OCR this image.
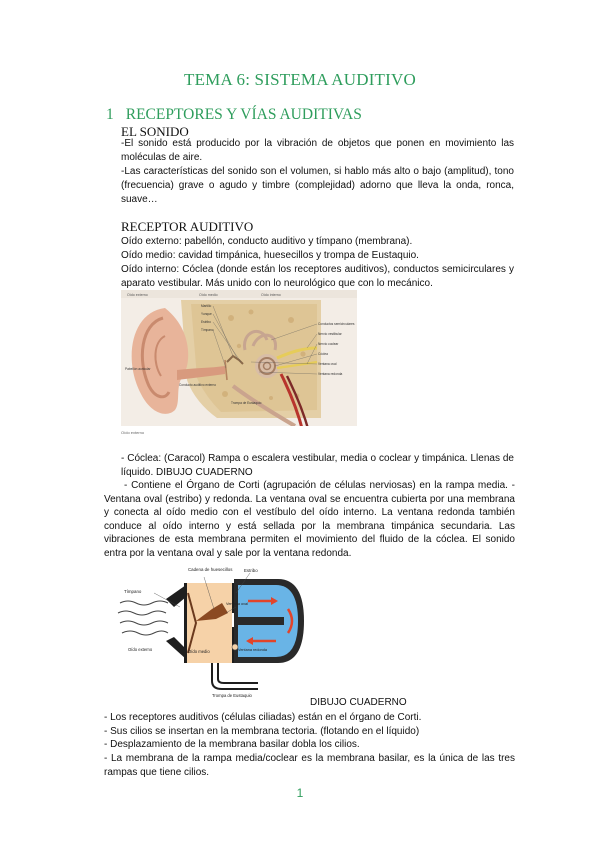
TEMA 6: SISTEMA AUDITIVO
1 RECEPTORES Y VÍAS AUDITIVAS
EL SONIDO
-El sonido está producido por la vibración de objetos que ponen en movimiento las moléculas de aire.
-Las características del sonido son el volumen, si hablo más alto o bajo (amplitud), tono (frecuencia) grave o agudo y timbre (complejidad) adorno que lleva la onda, ronca, suave…
RECEPTOR AUDITIVO
Oído externo: pabellón, conducto auditivo y tímpano (membrana).
Oído medio: cavidad timpánica, huesecillos y trompa de Eustaquio.
Oído interno: Cóclea (donde están los receptores auditivos), conductos semicirculares y aparato vestibular. Más unido con lo neurológico que con lo mecánico.
Oído externo	Oído medio	Oído interno
Martillo
Yunque
Estribo
Tímpano
Trompa de Eustaquio
Conductos semicirculares
Nervio vestibular
Nervio coclear
Cóclea
Ventana oval
Ventana redonda
Pabellón auricular
Conducto auditivo externo
Oído externo
- Cóclea: (Caracol) Rampa o escalera vestibular, media o coclear y timpánica. Llenas de líquido. DIBUJO CUADERNO
- Contiene el Órgano de Corti (agrupación de células nerviosas) en la rampa media. - Ventana oval (estribo) y redonda. La ventana oval se encuentra cubierta por una membrana y conecta al oído medio con el vestíbulo del oído interno. La ventana redonda también conduce al oído interno y está sellada por la membrana timpánica secundaria. Las vibraciones de esta membrana permiten el movimiento del fluido de la cóclea. El sonido entra por la ventana oval y sale por la ventana redonda.
Cadena de huesecillos	Estribo
Tímpano
Ventana oval
Ventana redonda
Oído externo	Oído medio
Trompa de Eustaquio
DIBUJO CUADERNO
- Los receptores auditivos (células ciliadas) están en el órgano de Corti.
- Sus cilios se insertan en la membrana tectoria. (flotando en el líquido)
- Desplazamiento de la membrana basilar dobla los cilios.
- La membrana de la rampa media/coclear es la membrana basilar, es la única de las tres rampas que tiene cilios.
1
